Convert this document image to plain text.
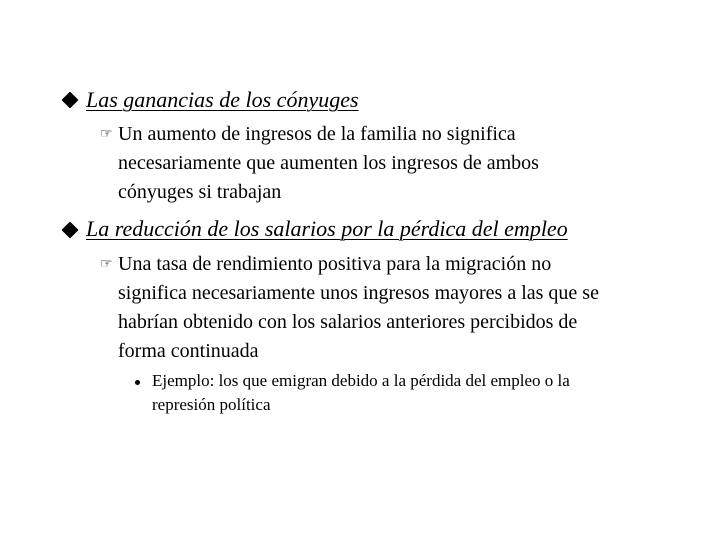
Las ganancias de los cónyuges
☞ Un aumento de ingresos de la familia no significa
necesariamente que aumenten los ingresos de ambos
cónyuges si trabajan
La reducción de los salarios por la pérdica del empleo
☞ Una tasa de rendimiento positiva para la migración no
significa necesariamente unos ingresos mayores a las que se
habrían obtenido con los salarios anteriores percibidos de
forma continuada
Ejemplo: los que emigran debido a la pérdida del empleo o la
represión política
